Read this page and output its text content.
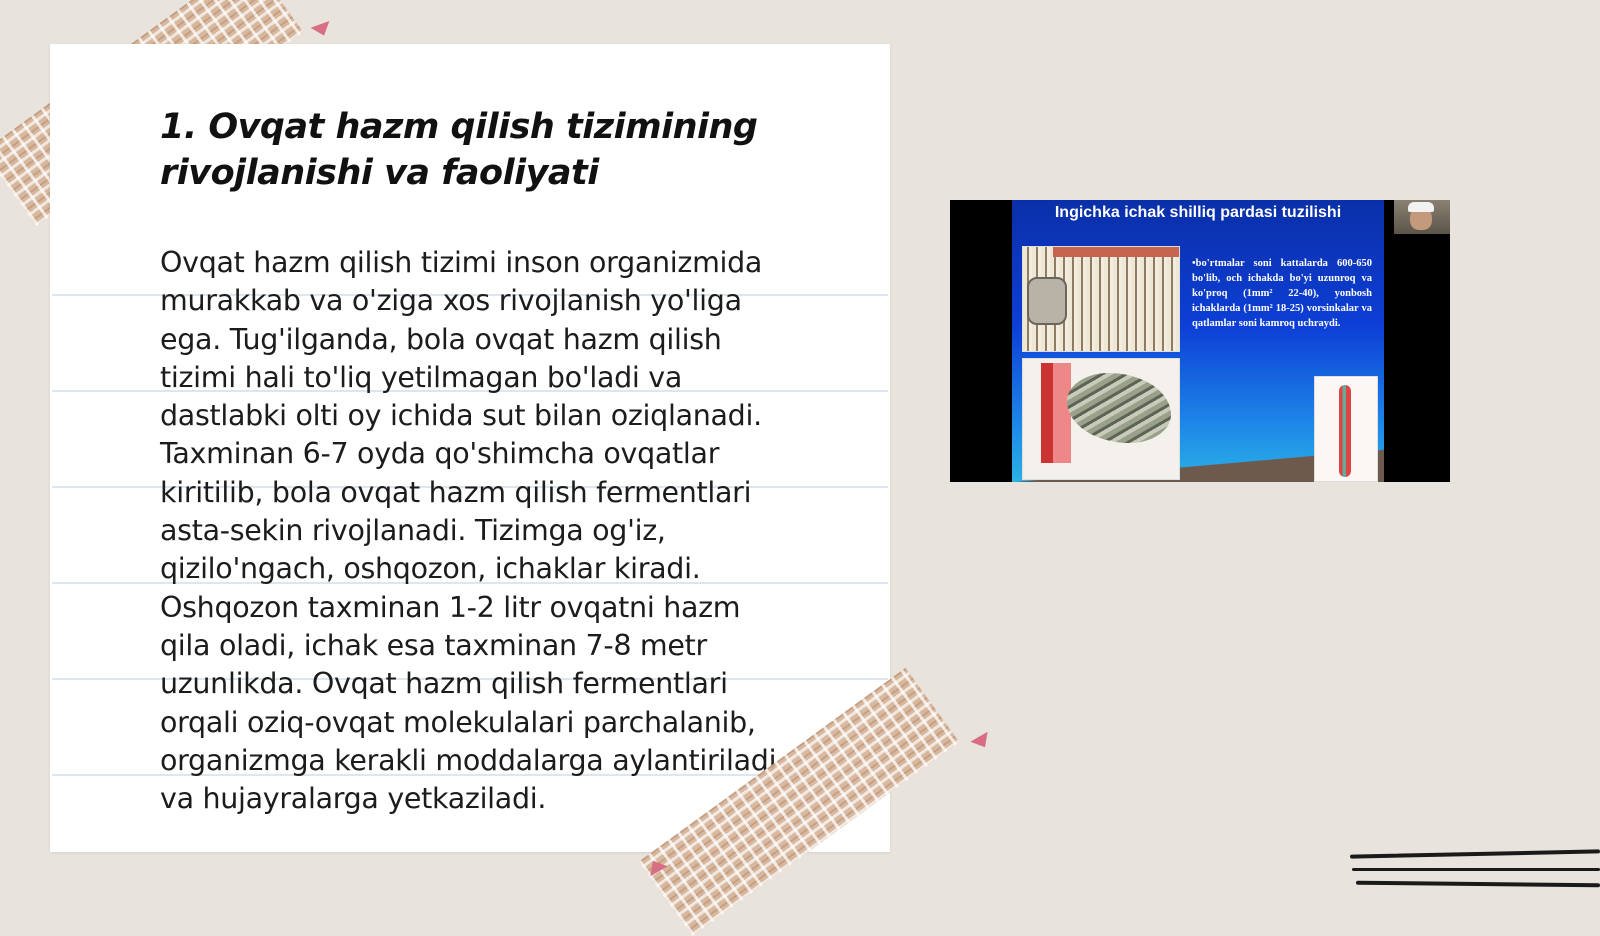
1. Ovqat hazm qilish tizimining
rivojlanishi va faoliyati
Ovqat hazm qilish tizimi inson organizmida
murakkab va o'ziga xos rivojlanish yo'liga
ega. Tug'ilganda, bola ovqat hazm qilish
tizimi hali to'liq yetilmagan bo'ladi va
dastlabki olti oy ichida sut bilan oziqlanadi.
Taxminan 6-7 oyda qo'shimcha ovqatlar
kiritilib, bola ovqat hazm qilish fermentlari
asta-sekin rivojlanadi. Tizimga og'iz,
qizilo'ngach, oshqozon, ichaklar kiradi.
Oshqozon taxminan 1-2 litr ovqatni hazm
qila oladi, ichak esa taxminan 7-8 metr
uzunlikda. Ovqat hazm qilish fermentlari
orqali oziq-ovqat molekulalari parchalanib,
organizmga kerakli moddalarga aylantiriladi
va hujayralarga yetkaziladi.
Ingichka ichak shilliq pardasi tuzilishi
•bo'rtmalar soni kattalarda 600-650 bo'lib, och ichakda bo'yi uzunroq va ko'proq (1mm² 22-40), yonbosh ichaklarda (1mm² 18-25) vorsinkalar va qatlamlar soni kamroq uchraydi.
